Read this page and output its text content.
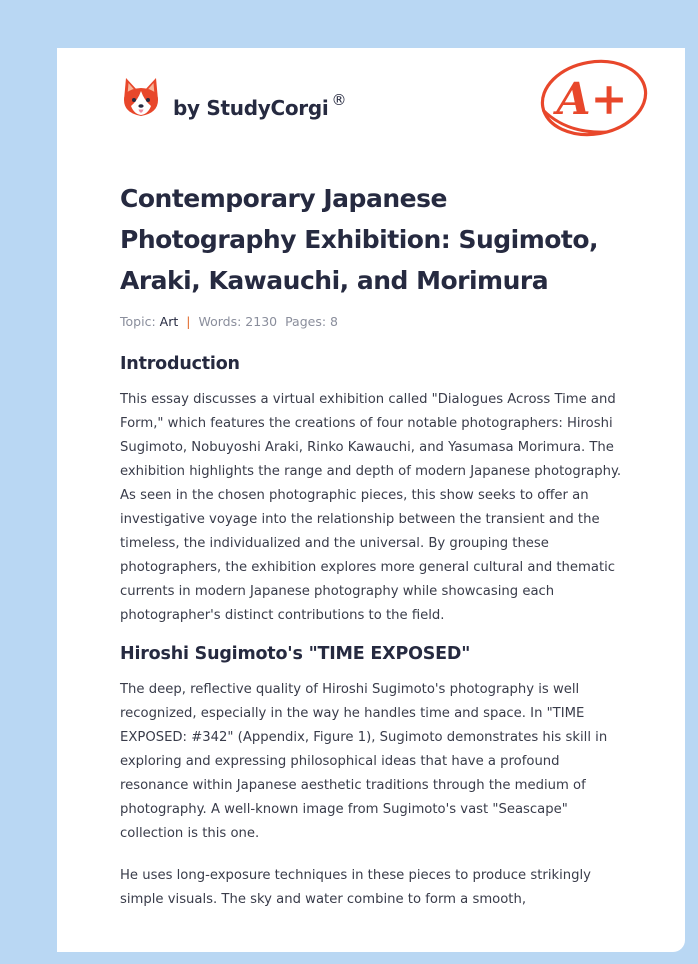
by StudyCorgi ®	A+
Contemporary Japanese Photography Exhibition: Sugimoto, Araki, Kawauchi, and Morimura
Topic: Art | Words: 2130 Pages: 8
Introduction

This essay discusses a virtual exhibition called "Dialogues Across Time and Form," which features the creations of four notable photographers: Hiroshi Sugimoto, Nobuyoshi Araki, Rinko Kawauchi, and Yasumasa Morimura. The exhibition highlights the range and depth of modern Japanese photography. As seen in the chosen photographic pieces, this show seeks to offer an investigative voyage into the relationship between the transient and the timeless, the individualized and the universal. By grouping these photographers, the exhibition explores more general cultural and thematic currents in modern Japanese photography while showcasing each photographer's distinct contributions to the field.

Hiroshi Sugimoto's "TIME EXPOSED"

The deep, reflective quality of Hiroshi Sugimoto's photography is well recognized, especially in the way he handles time and space. In "TIME EXPOSED: #342" (Appendix, Figure 1), Sugimoto demonstrates his skill in exploring and expressing philosophical ideas that have a profound resonance within Japanese aesthetic traditions through the medium of photography. A well-known image from Sugimoto's vast "Seascape" collection is this one.

He uses long-exposure techniques in these pieces to produce strikingly simple visuals. The sky and water combine to form a smooth,
